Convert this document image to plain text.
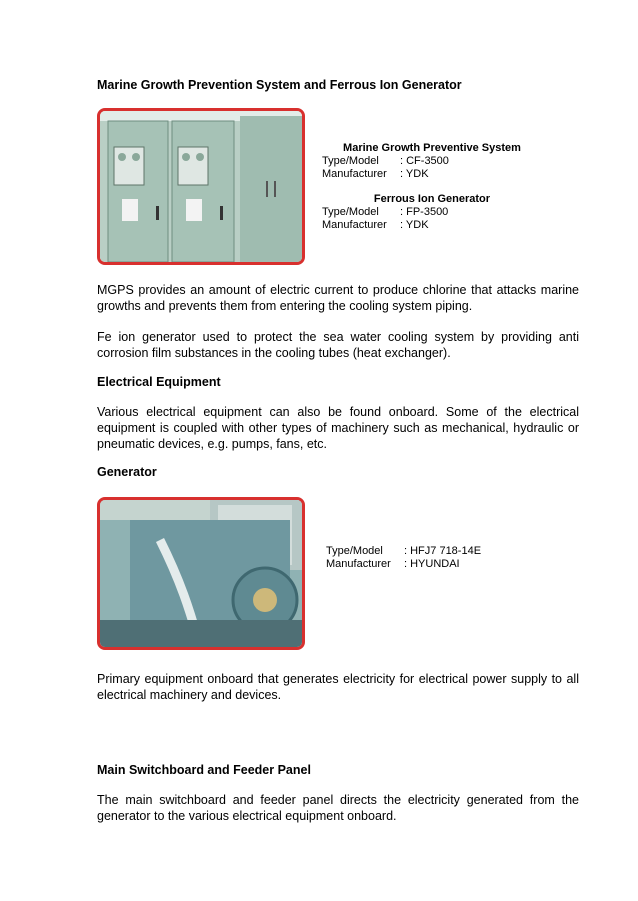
Marine Growth Prevention System and Ferrous Ion Generator
Marine Growth Preventive System
Type/Model	: CF-3500
Manufacturer	: YDK
Ferrous Ion Generator
Type/Model	: FP-3500
Manufacturer	: YDK
MGPS provides an amount of electric current to produce chlorine that attacks marine growths and prevents them from entering the cooling system piping.
Fe ion generator used to protect the sea water cooling system by providing anti corrosion film substances in the cooling tubes (heat exchanger).
Electrical Equipment
Various electrical equipment can also be found onboard. Some of the electrical equipment is coupled with other types of machinery such as mechanical, hydraulic or pneumatic devices, e.g. pumps, fans, etc.
Generator
Type/Model	: HFJ7 718-14E
Manufacturer	: HYUNDAI
Primary equipment onboard that generates electricity for electrical power supply to all electrical machinery and devices.
Main Switchboard and Feeder Panel
The main switchboard and feeder panel directs the electricity generated from the generator to the various electrical equipment onboard.
